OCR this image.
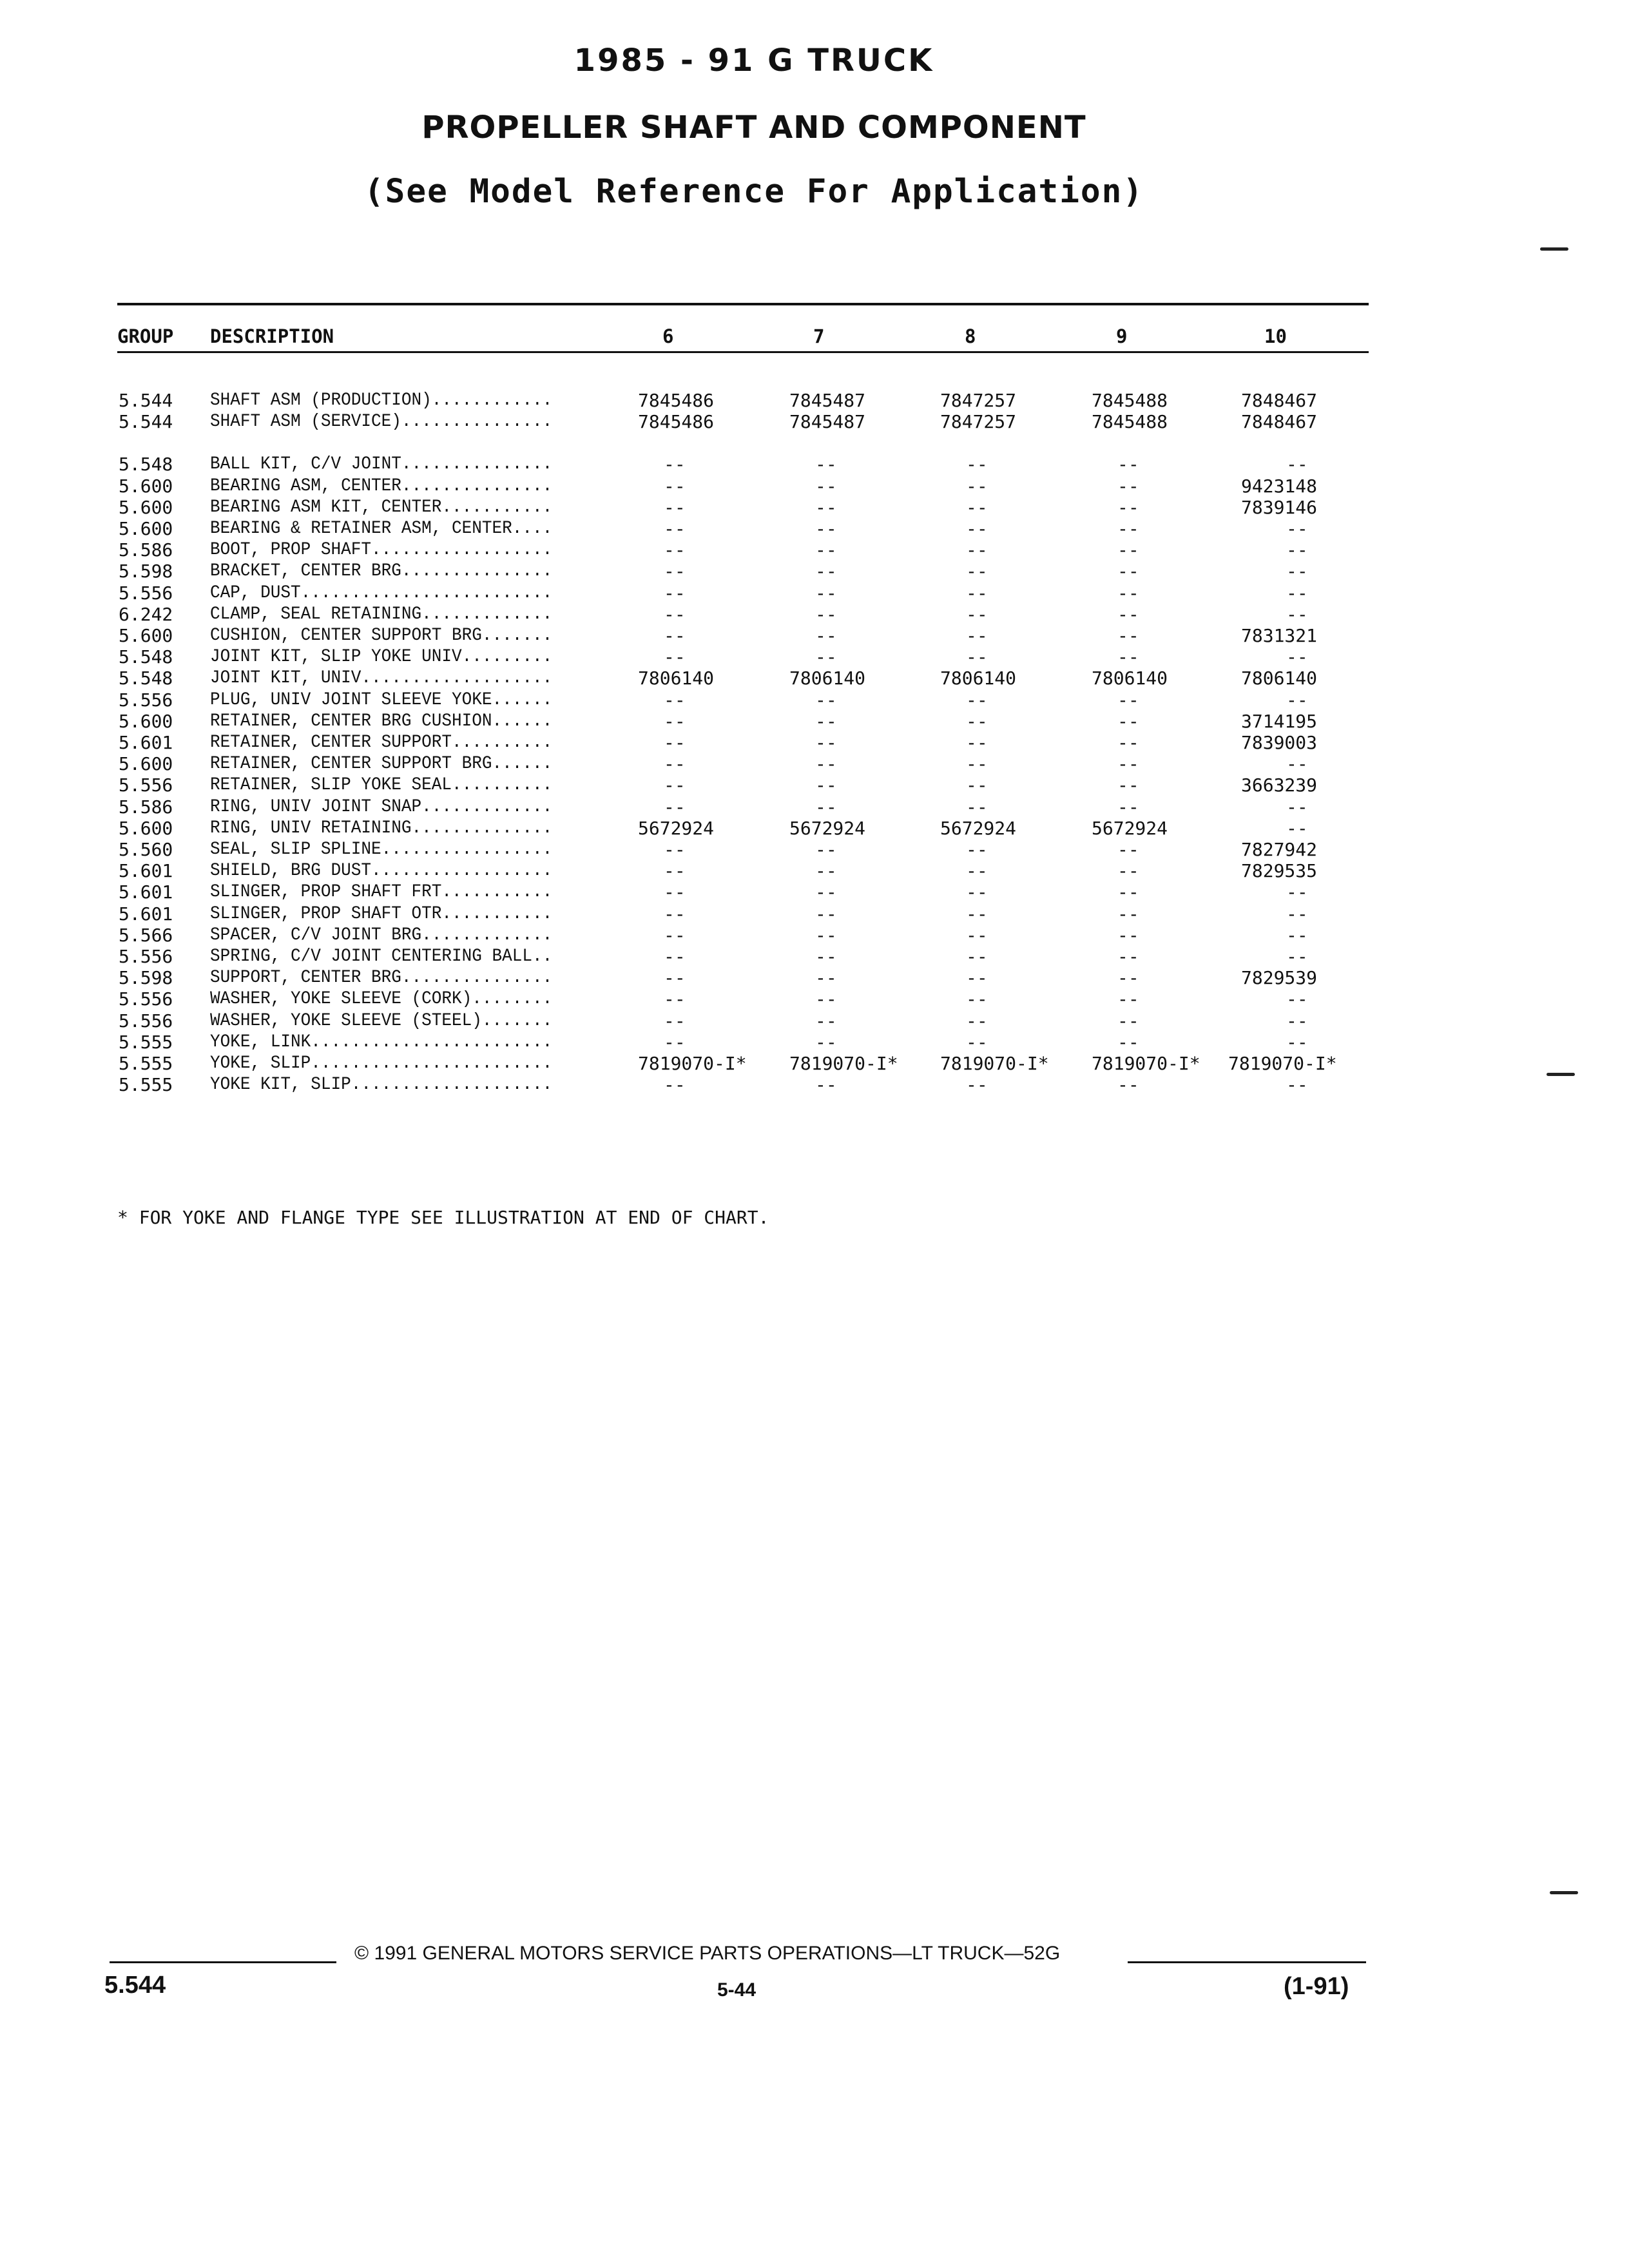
1985 - 91 G TRUCK
PROPELLER SHAFT AND COMPONENT
(See Model Reference For Application)
GROUP DESCRIPTION	6	7	8	9	10
5.544 SHAFT ASM (PRODUCTION)............	7845486	7845487	7847257	7845488	7848467
5.544 SHAFT ASM (SERVICE)...............	7845486	7845487	7847257	7845488	7848467
5.548 BALL KIT, C/V JOINT...............	--	--	--	--	--
5.600 BEARING ASM, CENTER...............	--	--	--	--	9423148
5.600 BEARING ASM KIT, CENTER...........	--	--	--	--	7839146
5.600 BEARING & RETAINER ASM, CENTER....	--	--	--	--	--
5.586 BOOT, PROP SHAFT..................	--	--	--	--	--
5.598 BRACKET, CENTER BRG...............	--	--	--	--	--
5.556 CAP, DUST.........................	--	--	--	--	--
6.242 CLAMP, SEAL RETAINING.............	--	--	--	--	--
5.600 CUSHION, CENTER SUPPORT BRG.......	--	--	--	--	7831321
5.548 JOINT KIT, SLIP YOKE UNIV.........	--	--	--	--	--
5.548 JOINT KIT, UNIV...................	7806140	7806140	7806140	7806140	7806140
5.556 PLUG, UNIV JOINT SLEEVE YOKE......	--	--	--	--	--
5.600 RETAINER, CENTER BRG CUSHION......	--	--	--	--	3714195
5.601 RETAINER, CENTER SUPPORT..........	--	--	--	--	7839003
5.600 RETAINER, CENTER SUPPORT BRG......	--	--	--	--	--
5.556 RETAINER, SLIP YOKE SEAL..........	--	--	--	--	3663239
5.586 RING, UNIV JOINT SNAP.............	--	--	--	--	--
5.600 RING, UNIV RETAINING..............	5672924	5672924	5672924	5672924	--
5.560 SEAL, SLIP SPLINE.................	--	--	--	--	7827942
5.601 SHIELD, BRG DUST..................	--	--	--	--	7829535
5.601 SLINGER, PROP SHAFT FRT...........	--	--	--	--	--
5.601 SLINGER, PROP SHAFT OTR...........	--	--	--	--	--
5.566 SPACER, C/V JOINT BRG.............	--	--	--	--	--
5.556 SPRING, C/V JOINT CENTERING BALL..	--	--	--	--	--
5.598 SUPPORT, CENTER BRG...............	--	--	--	--	7829539
5.556 WASHER, YOKE SLEEVE (CORK)........	--	--	--	--	--
5.556 WASHER, YOKE SLEEVE (STEEL).......	--	--	--	--	--
5.555 YOKE, LINK........................	--	--	--	--	--
5.555 YOKE, SLIP........................	7819070-I* 7819070-I* 7819070-I* 7819070-I* 7819070-I*
5.555 YOKE KIT, SLIP....................	--	--	--	--	--
* FOR YOKE AND FLANGE TYPE SEE ILLUSTRATION AT END OF CHART.
© 1991 GENERAL MOTORS SERVICE PARTS OPERATIONS—LT TRUCK—52G
5.544	5-44	(1-91)
